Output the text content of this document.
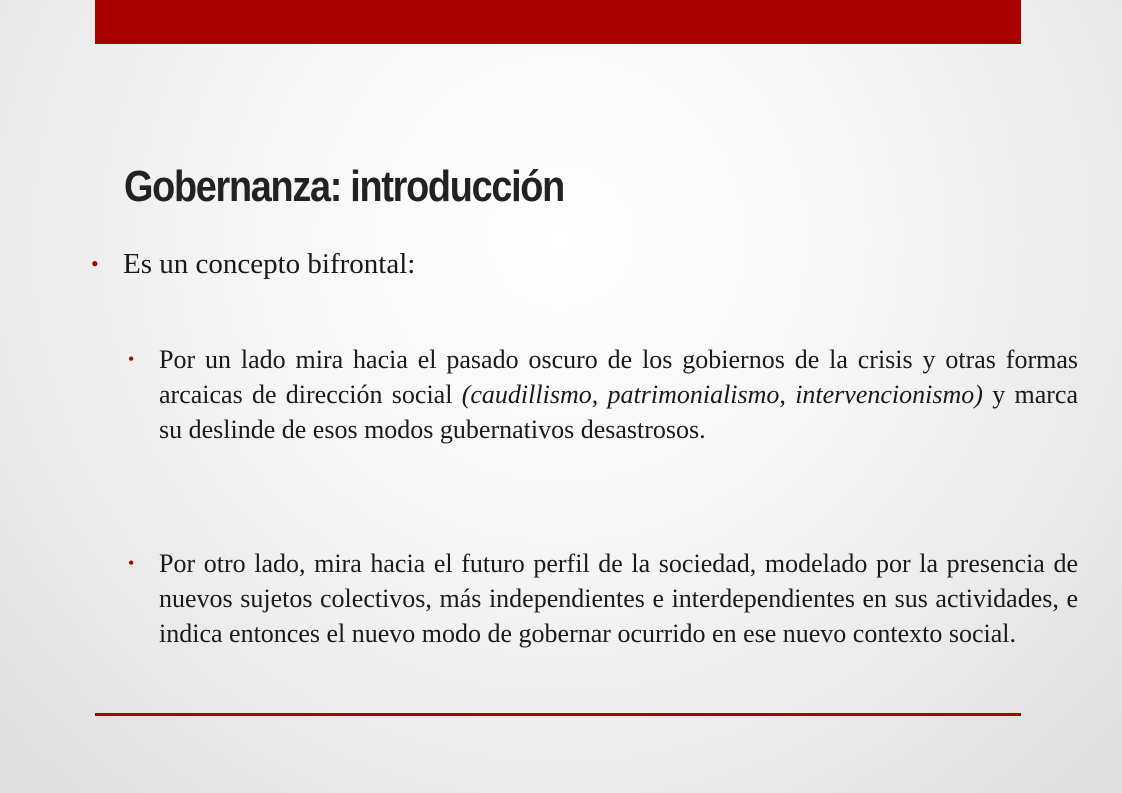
Gobernanza: introducción
• Es un concepto bifrontal:
• Por un lado mira hacia el pasado oscuro de los gobiernos de la crisis y otras formas arcaicas de dirección social (caudillismo, patrimonialismo, intervencionismo) y marca su deslinde de esos modos gubernativos desastrosos.
• Por otro lado, mira hacia el futuro perfil de la sociedad, modelado por la presencia de nuevos sujetos colectivos, más independientes e interdependientes en sus actividades, e indica entonces el nuevo modo de gobernar ocurrido en ese nuevo contexto social.
